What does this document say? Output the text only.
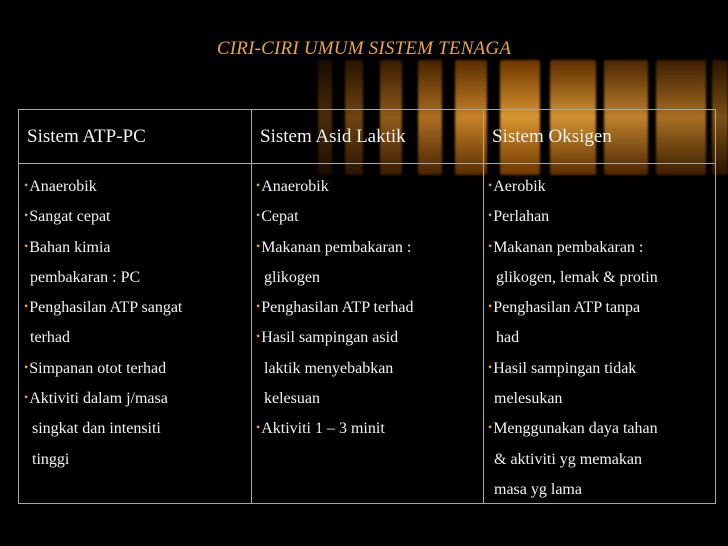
CIRI-CIRI UMUM SISTEM TENAGA
Sistem ATP-PC	Sistem Asid Laktik	Sistem Oksigen
•Anaerobik
•Sangat cepat
•Bahan kimia
pembakaran : PC
•Penghasilan ATP sangat
terhad
•Simpanan otot terhad
•Aktiviti dalam j/masa
singkat dan intensiti
tinggi
•Anaerobik
•Cepat
•Makanan pembakaran :
glikogen
•Penghasilan ATP terhad
•Hasil sampingan asid
laktik menyebabkan
kelesuan
•Aktiviti 1 – 3 minit
•Aerobik
•Perlahan
•Makanan pembakaran :
glikogen, lemak & protin
•Penghasilan ATP tanpa
had
•Hasil sampingan tidak
melesukan
•Menggunakan daya tahan
& aktiviti yg memakan
masa yg lama
